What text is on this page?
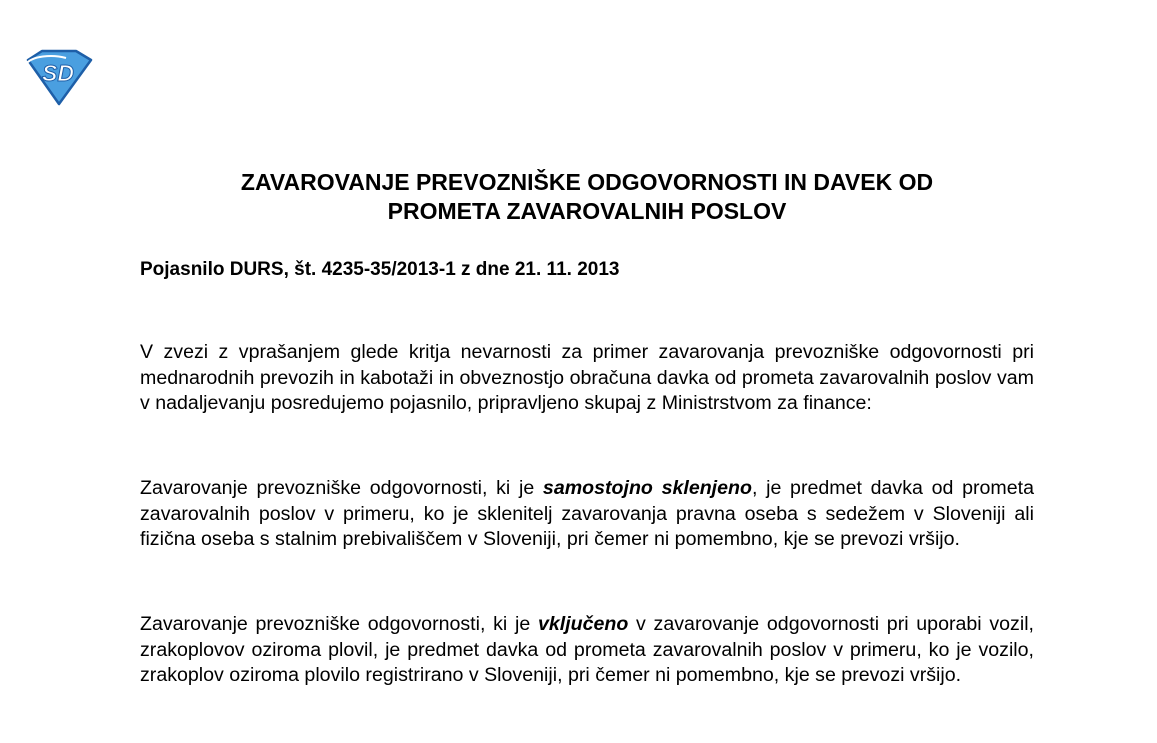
SD
ZAVAROVANJE PREVOZNIŠKE ODGOVORNOSTI IN DAVEK OD
PROMETA ZAVAROVALNIH POSLOV

Pojasnilo DURS, št. 4235-35/2013-1 z dne 21. 11. 2013

V zvezi z vprašanjem glede kritja nevarnosti za primer zavarovanja prevozniške odgovornosti pri mednarodnih prevozih in kabotaži in obveznostjo obračuna davka od prometa zavarovalnih poslov vam v nadaljevanju posredujemo pojasnilo, pripravljeno skupaj z Ministrstvom za finance:

Zavarovanje prevozniške odgovornosti, ki je samostojno sklenjeno, je predmet davka od prometa zavarovalnih poslov v primeru, ko je sklenitelj zavarovanja pravna oseba s sedežem v Sloveniji ali fizična oseba s stalnim prebivališčem v Sloveniji, pri čemer ni pomembno, kje se prevozi vršijo.

Zavarovanje prevozniške odgovornosti, ki je vključeno v zavarovanje odgovornosti pri uporabi vozil, zrakoplovov oziroma plovil, je predmet davka od prometa zavarovalnih poslov v primeru, ko je vozilo, zrakoplov oziroma plovilo registrirano v Sloveniji, pri čemer ni pomembno, kje se prevozi vršijo.
